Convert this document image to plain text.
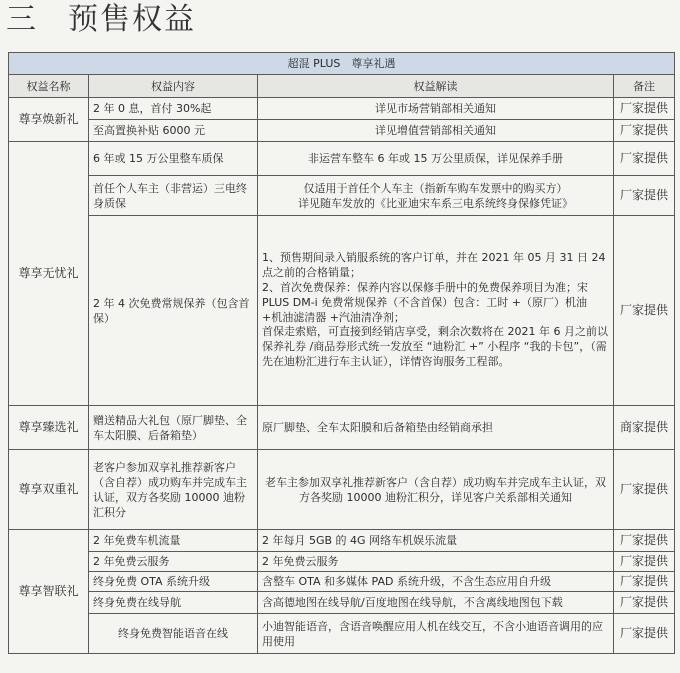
三 预售权益
超混 PLUS　尊享礼遇			
权益名称	权益内容	权益解读	备注
尊享焕新礼	2 年 0 息，首付 30%起	详见市场营销部相关通知	厂家提供
	至高置换补贴 6000 元	详见增值营销部相关通知	厂家提供
尊享无忧礼	6 年或 15 万公里整车质保	非运营车整车 6 年或 15 万公里质保，详见保养手册	厂家提供
	首任个人车主（非营运）三电终身质保	仅适用于首任个人车主（指新车购车发票中的购买方）
详见随车发放的《比亚迪宋车系三电系统终身保修凭证》	厂家提供
	2 年 4 次免费常规保养（包含首保）	1、预售期间录入销服系统的客户订单，并在 2021 年 05 月 31 日 24 点之前的合格销量；
2、首次免费保养：保养内容以保修手册中的免费保养项目为准；宋 PLUS DM-i 免费常规保养（不含首保）包含：工时 +（原厂）机油 +机油滤清器 +汽油清净剂；
首保走索赔，可直接到经销店享受，剩余次数将在 2021 年 6 月之前以保养礼券 /商品券形式统一发放至 “迪粉汇 +” 小程序 “我的卡包”，（需先在迪粉汇进行车主认证），详情咨询服务工程部。	厂家提供
尊享臻选礼	赠送精品大礼包（原厂脚垫、全车太阳膜、后备箱垫）	原厂脚垫、全车太阳膜和后备箱垫由经销商承担	商家提供
尊享双重礼	老客户参加双享礼推荐新客户（含自荐）成功购车并完成车主认证，双方各奖励 10000 迪粉汇积分	老车主参加双享礼推荐新客户（含自荐）成功购车并完成车主认证，双方各奖励 10000 迪粉汇积分，详见客户关系部相关通知	厂家提供
尊享智联礼	2 年免费车机流量	2 年每月 5GB 的 4G 网络车机娱乐流量	厂家提供
	2 年免费云服务	2 年免费云服务	厂家提供
	终身免费 OTA 系统升级	含整车 OTA 和多媒体 PAD 系统升级，不含生态应用自升级	厂家提供
	终身免费在线导航	含高德地图在线导航/百度地图在线导航，不含离线地图包下载	厂家提供
	终身免费智能语音在线	小迪智能语音，含语音唤醒应用人机在线交互，不含小迪语音调用的应用使用	厂家提供
